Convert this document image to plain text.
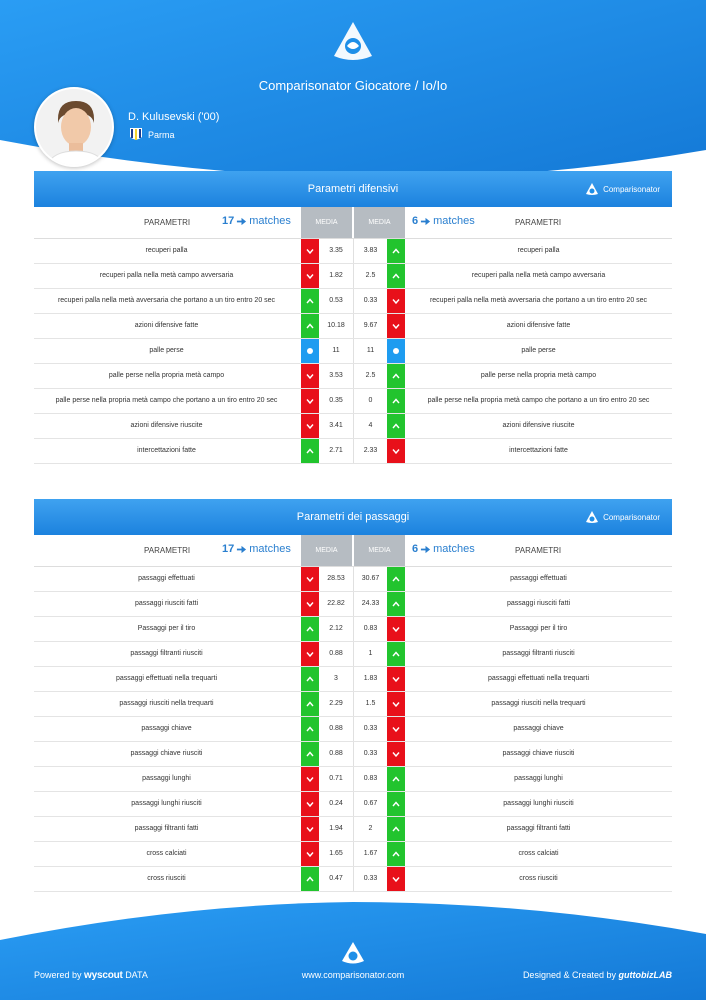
Comparisonator Giocatore / Io/Io
D. Kulusevski ('00)
Parma
Parametri difensivi	Comparisonator
PARAMETRI	17 matches	MEDIA	MEDIA	6 matches	PARAMETRI
recuperi palla	3.35	3.83	recuperi palla
recuperi palla nella metà campo avversaria	1.82	2.5	recuperi palla nella metà campo avversaria
recuperi palla nella metà avversaria che portano a un tiro entro 20 sec	0.53	0.33	recuperi palla nella metà avversaria che portano a un tiro entro 20 sec
azioni difensive fatte	10.18	9.67	azioni difensive fatte
palle perse	11	11	palle perse
palle perse nella propria metà campo	3.53	2.5	palle perse nella propria metà campo
palle perse nella propria metà campo che portano a un tiro entro 20 sec	0.35	0	palle perse nella propria metà campo che portano a un tiro entro 20 sec
azioni difensive riuscite	3.41	4	azioni difensive riuscite
intercettazioni fatte	2.71	2.33	intercettazioni fatte
Parametri dei passaggi	Comparisonator
PARAMETRI	17 matches	MEDIA	MEDIA	6 matches	PARAMETRI
passaggi effettuati	28.53	30.67	passaggi effettuati
passaggi riusciti fatti	22.82	24.33	passaggi riusciti fatti
Passaggi per il tiro	2.12	0.83	Passaggi per il tiro
passaggi filtranti riusciti	0.88	1	passaggi filtranti riusciti
passaggi effettuati nella trequarti	3	1.83	passaggi effettuati nella trequarti
passaggi riusciti nella trequarti	2.29	1.5	passaggi riusciti nella trequarti
passaggi chiave	0.88	0.33	passaggi chiave
passaggi chiave riusciti	0.88	0.33	passaggi chiave riusciti
passaggi lunghi	0.71	0.83	passaggi lunghi
passaggi lunghi riusciti	0.24	0.67	passaggi lunghi riusciti
passaggi filtranti fatti	1.94	2	passaggi filtranti fatti
cross calciati	1.65	1.67	cross calciati
cross riusciti	0.47	0.33	cross riusciti
Powered by wyscout DATA	www.comparisonator.com	Designed & Created by guttobizLAB
